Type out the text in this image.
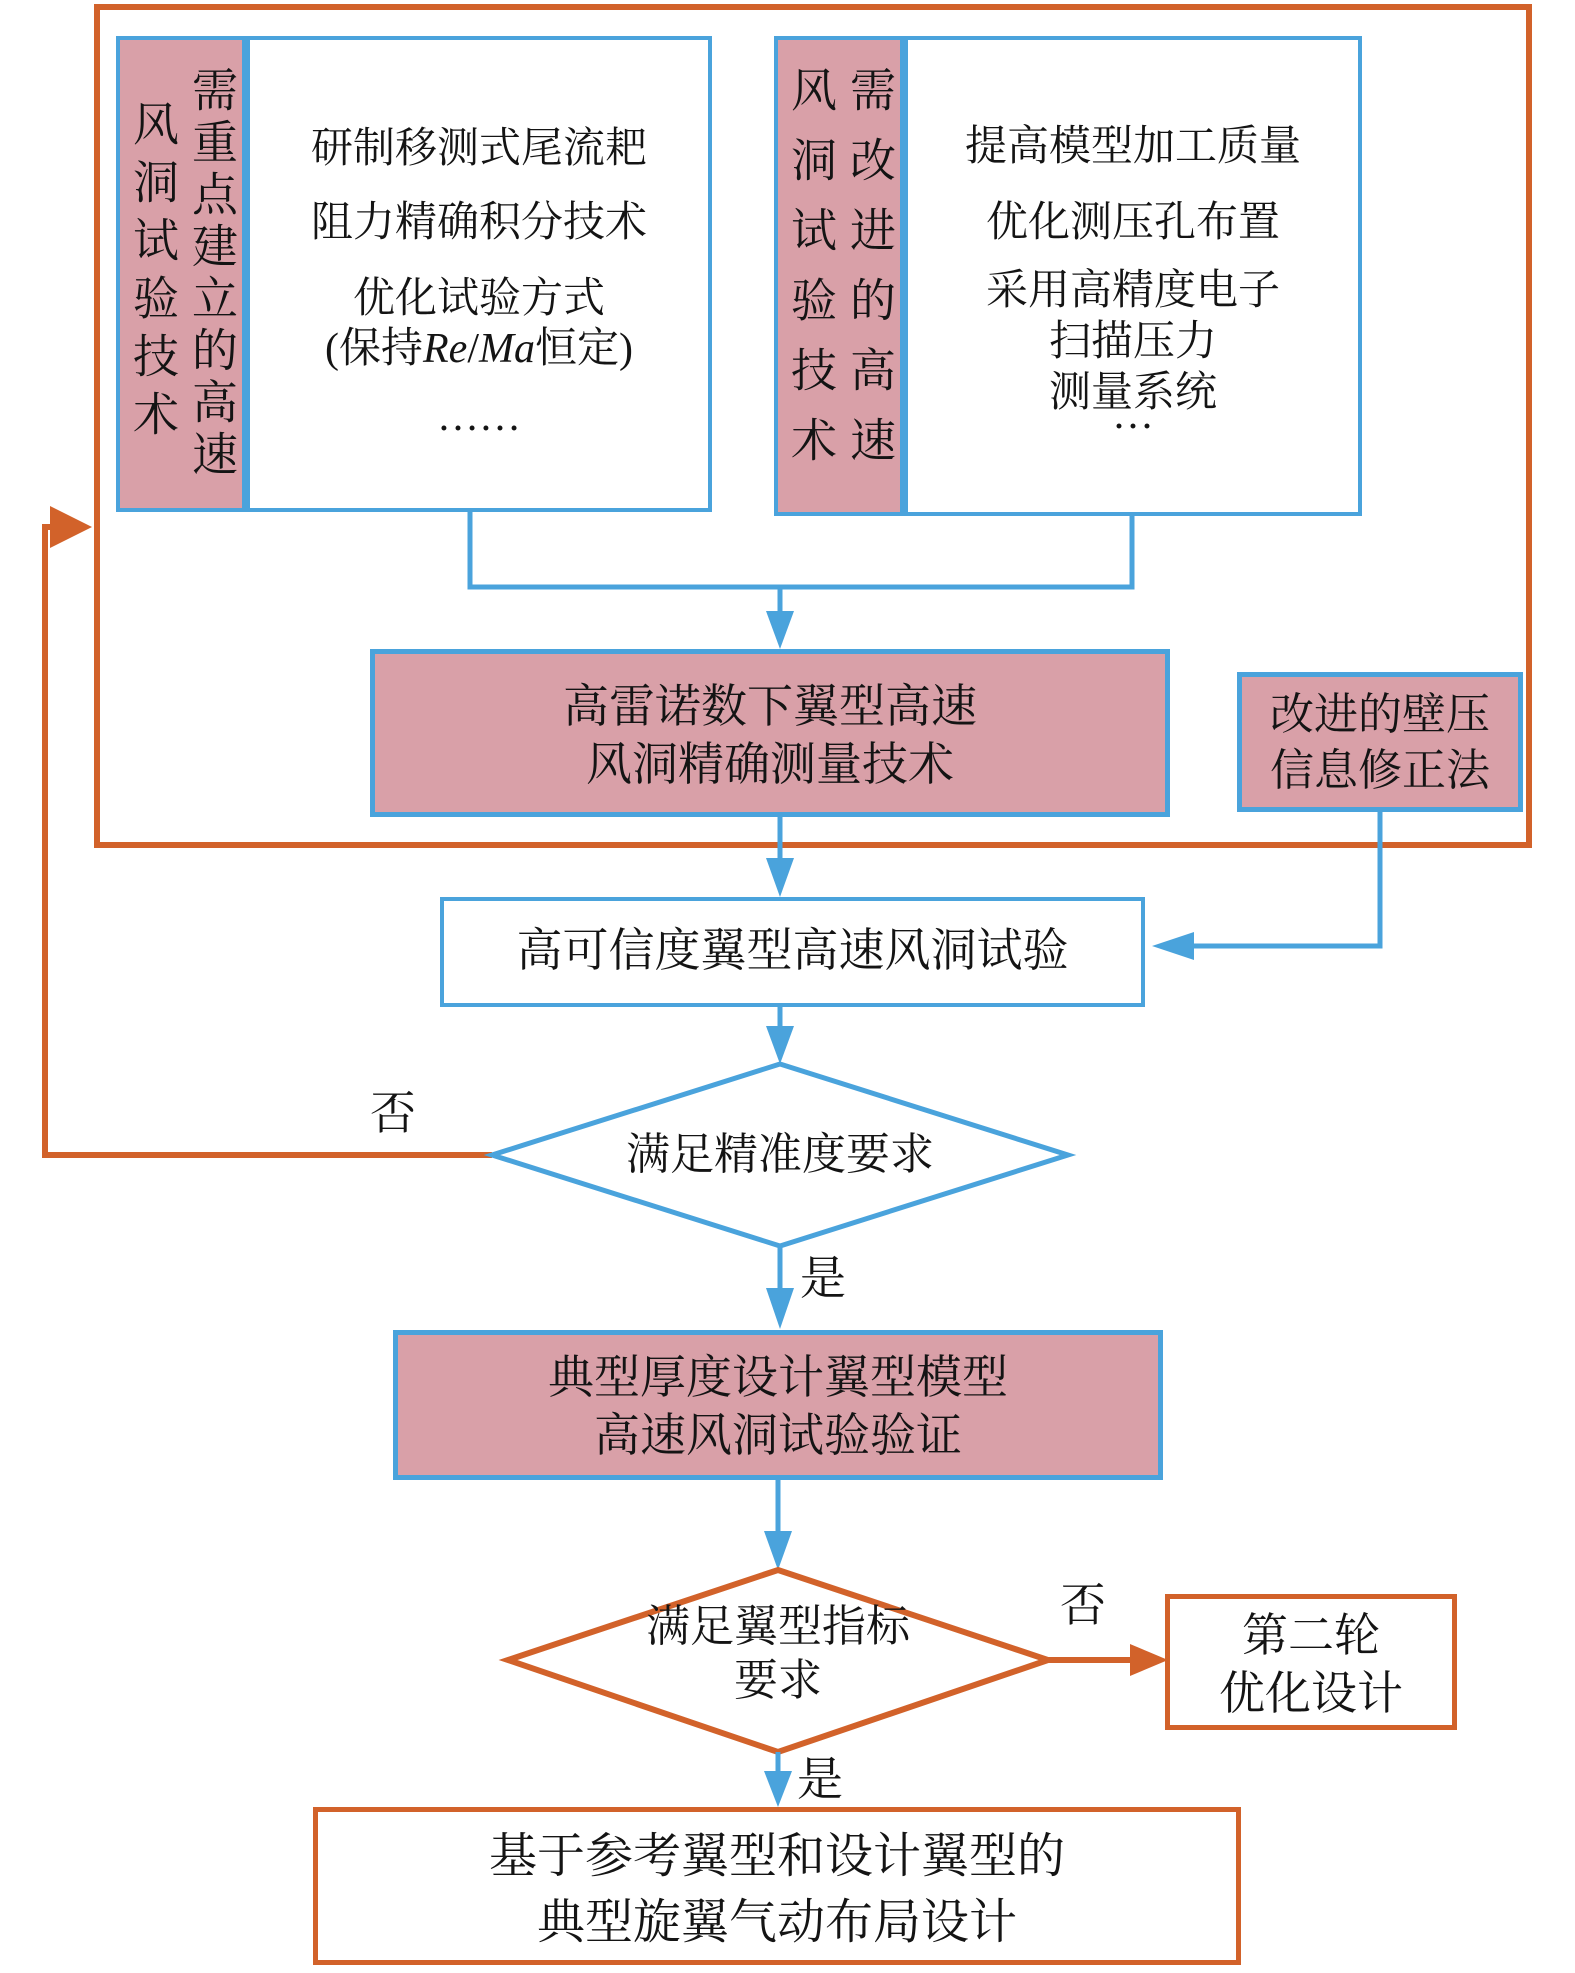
需重点建立的高速
风洞试验技术	研制移测式尾流耙
阻力精确积分技术
优化试验方式
(保持Re/Ma恒定)
……	需改进的高速
风洞试验技术	提高模型加工质量
优化测压孔布置
采用高精度电子
扫描压力
测量系统
···
高雷诺数下翼型高速
风洞精确测量技术
改进的壁压
信息修正法
高可信度翼型高速风洞试验
满足精准度要求
否
是
典型厚度设计翼型模型
高速风洞试验验证
满足翼型指标
要求
否
是
第二轮
优化设计
基于参考翼型和设计翼型的
典型旋翼气动布局设计
